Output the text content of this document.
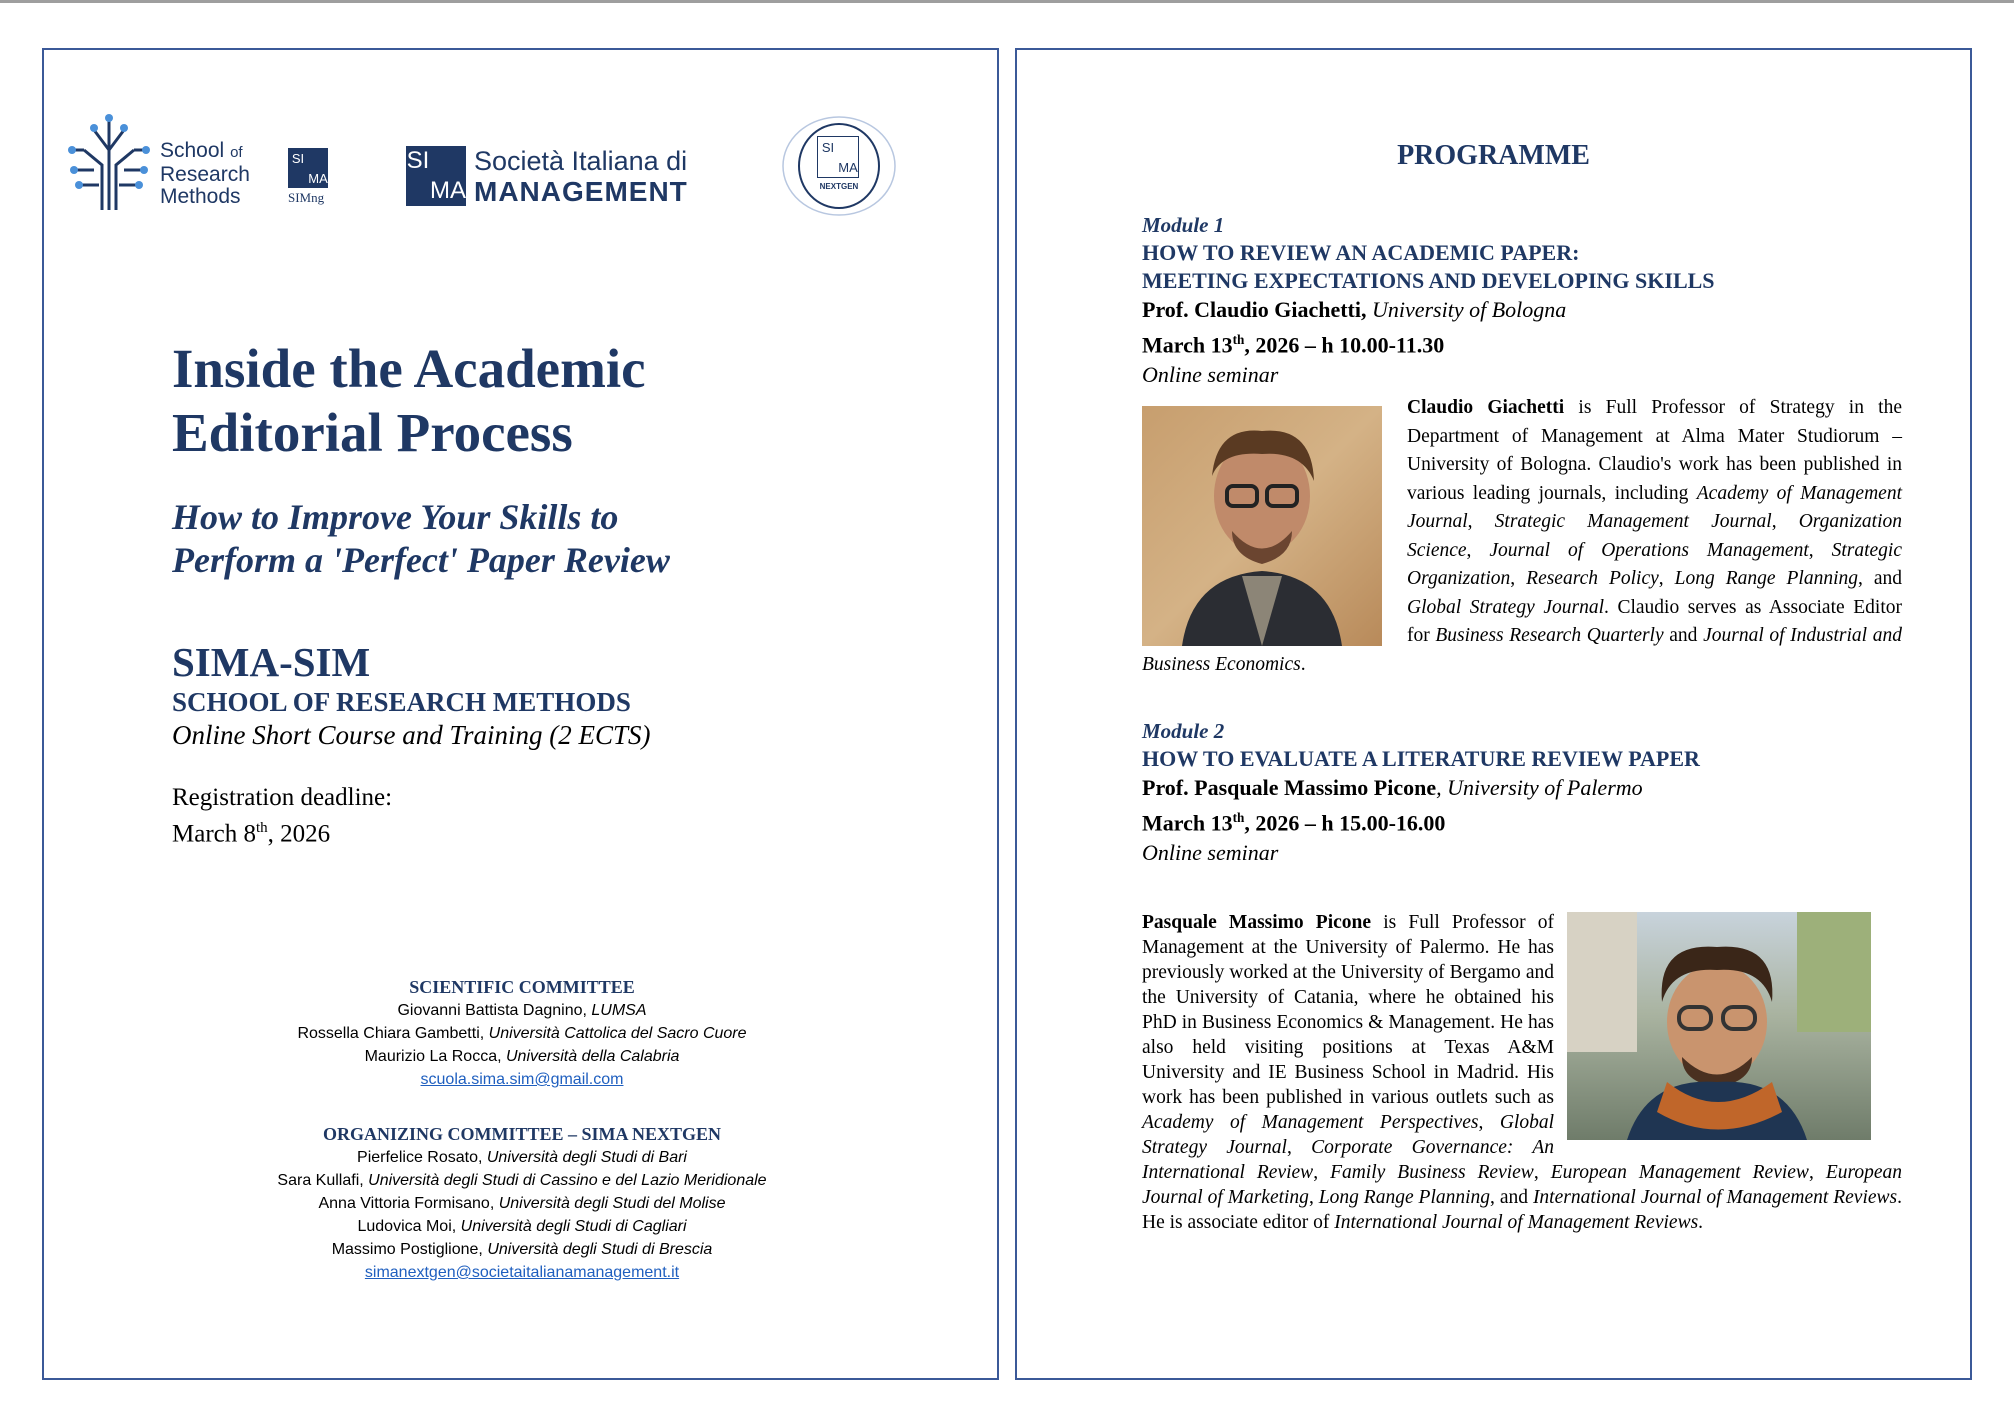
School of
Research
Methods
SI
MA
SIMng
SI
MA
Società Italiana di
MANAGEMENT
SI
MA
NEXTGEN
Inside the Academic
Editorial Process
How to Improve Your Skills to
Perform a 'Perfect' Paper Review
SIMA-SIM
SCHOOL OF RESEARCH METHODS
Online Short Course and Training (2 ECTS)
Registration deadline:
March 8th, 2026
SCIENTIFIC COMMITTEE
Giovanni Battista Dagnino, LUMSA
Rossella Chiara Gambetti, Università Cattolica del Sacro Cuore
Maurizio La Rocca, Università della Calabria
scuola.sima.sim@gmail.com
ORGANIZING COMMITTEE – SIMA NEXTGEN
Pierfelice Rosato, Università degli Studi di Bari
Sara Kullafi, Università degli Studi di Cassino e del Lazio Meridionale
Anna Vittoria Formisano, Università degli Studi del Molise
Ludovica Moi, Università degli Studi di Cagliari
Massimo Postiglione, Università degli Studi di Brescia
simanextgen@societaitalianamanagement.it
PROGRAMME
Module 1
HOW TO REVIEW AN ACADEMIC PAPER:
MEETING EXPECTATIONS AND DEVELOPING SKILLS
Prof. Claudio Giachetti, University of Bologna
March 13th, 2026 – h 10.00-11.30
Online seminar
Claudio Giachetti is Full Professor of Strategy in the Department of Management at Alma Mater Studiorum – University of Bologna. Claudio's work has been published in various leading journals, including Academy of Management Journal, Strategic Management Journal, Organization Science, Journal of Operations Management, Strategic Organization, Research Policy, Long Range Planning, and Global Strategy Journal. Claudio serves as Associate Editor for Business Research Quarterly and Journal of Industrial and Business Economics.
Module 2
HOW TO EVALUATE A LITERATURE REVIEW PAPER
Prof. Pasquale Massimo Picone, University of Palermo
March 13th, 2026 – h 15.00-16.00
Online seminar
Pasquale Massimo Picone is Full Professor of Management at the University of Palermo. He has previously worked at the University of Bergamo and the University of Catania, where he obtained his PhD in Business Economics & Management. He has also held visiting positions at Texas A&M University and IE Business School in Madrid. His work has been published in various outlets such as Academy of Management Perspectives, Global Strategy Journal, Corporate Governance: An International Review, Family Business Review, European Management Review, European Journal of Marketing, Long Range Planning, and International Journal of Management Reviews. He is associate editor of International Journal of Management Reviews.
